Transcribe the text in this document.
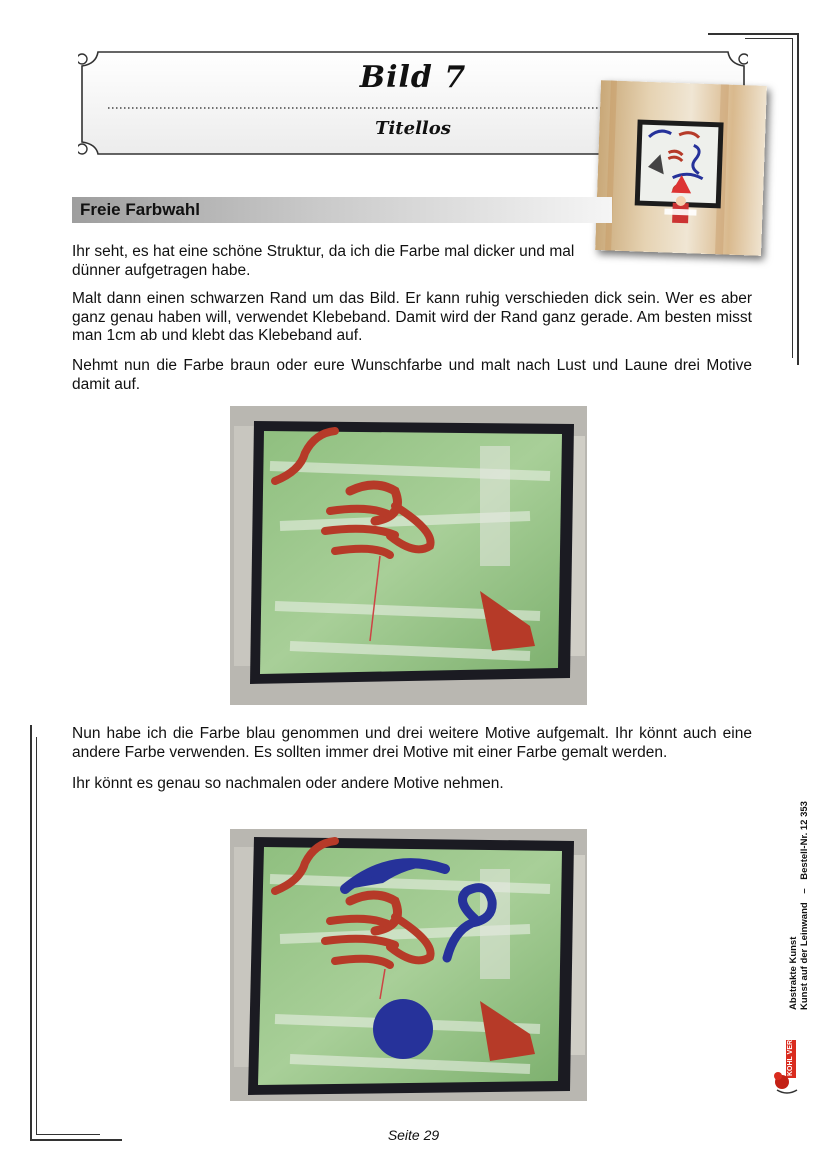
Bild 7
Titellos
Freie Farbwahl
Ihr seht, es hat eine schöne Struktur, da ich die Farbe mal dicker und mal dünner aufgetragen habe.
Malt dann einen schwarzen Rand um das Bild. Er kann ruhig verschieden dick sein. Wer es aber ganz genau haben will, verwendet Klebeband. Damit wird der Rand ganz gerade. Am besten misst man 1cm ab und klebt das Klebeband auf.
Nehmt nun die Farbe braun oder eure Wunschfarbe und malt nach Lust und Laune drei Motive damit auf.
Nun habe ich die Farbe blau genommen und drei weitere Motive aufgemalt. Ihr könnt auch eine andere Farbe verwenden. Es sollten immer drei Motive mit einer Farbe gemalt werden.
Ihr könnt es genau so nachmalen oder andere Motive nehmen.
Abstrakte Kunst
Kunst auf der Leinwand – Bestell-Nr. 12 353
KOHL VERLAG
Seite 29
